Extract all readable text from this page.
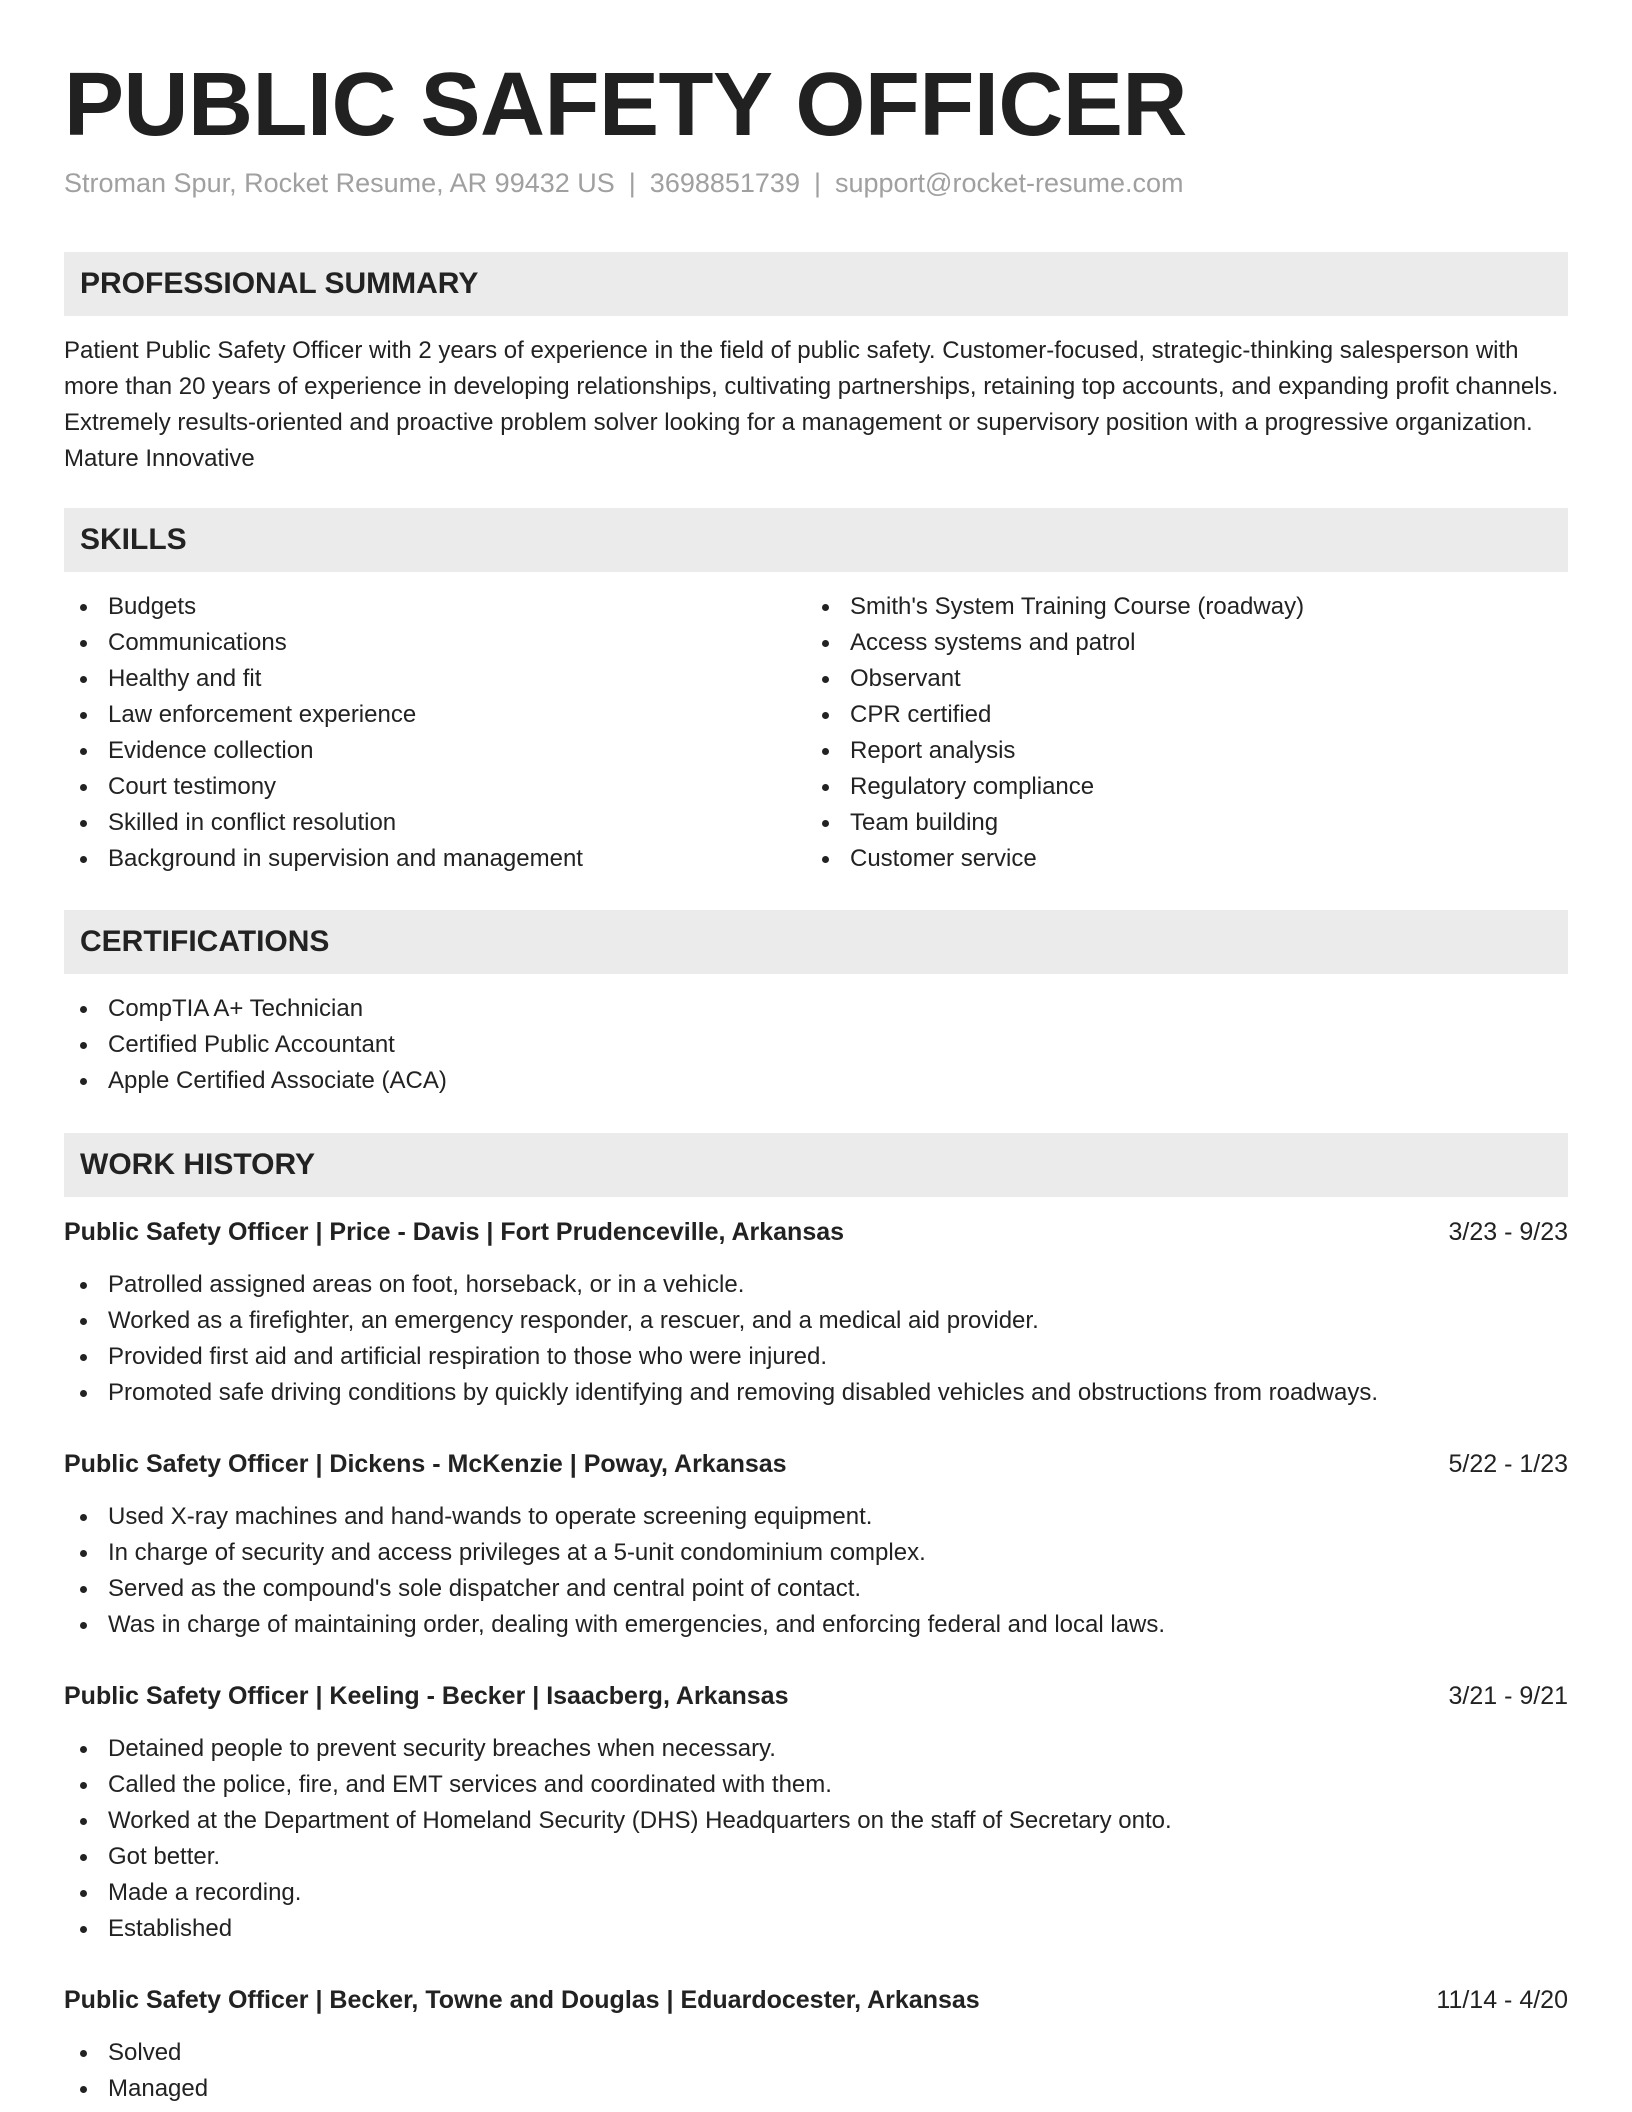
PUBLIC SAFETY OFFICER
Stroman Spur, Rocket Resume, AR 99432 US | 3698851739 | support@rocket-resume.com
PROFESSIONAL SUMMARY

Patient Public Safety Officer with 2 years of experience in the field of public safety. Customer-focused, strategic-thinking salesperson with more than 20 years of experience in developing relationships, cultivating partnerships, retaining top accounts, and expanding profit channels. Extremely results-oriented and proactive problem solver looking for a management or supervisory position with a progressive organization. Mature Innovative

SKILLS
Budgets
Communications
Healthy and fit
Law enforcement experience
Evidence collection
Court testimony
Skilled in conflict resolution
Background in supervision and management
Smith's System Training Course (roadway)
Access systems and patrol
Observant
CPR certified
Report analysis
Regulatory compliance
Team building
Customer service
CERTIFICATIONS
CompTIA A+ Technician
Certified Public Accountant
Apple Certified Associate (ACA)
WORK HISTORY
Public Safety Officer | Price - Davis | Fort Prudenceville, Arkansas	3/23 - 9/23
Patrolled assigned areas on foot, horseback, or in a vehicle.
Worked as a firefighter, an emergency responder, a rescuer, and a medical aid provider.
Provided first aid and artificial respiration to those who were injured.
Promoted safe driving conditions by quickly identifying and removing disabled vehicles and obstructions from roadways.
Public Safety Officer | Dickens - McKenzie | Poway, Arkansas	5/22 - 1/23
Used X-ray machines and hand-wands to operate screening equipment.
In charge of security and access privileges at a 5-unit condominium complex.
Served as the compound's sole dispatcher and central point of contact.
Was in charge of maintaining order, dealing with emergencies, and enforcing federal and local laws.
Public Safety Officer | Keeling - Becker | Isaacberg, Arkansas	3/21 - 9/21
Detained people to prevent security breaches when necessary.
Called the police, fire, and EMT services and coordinated with them.
Worked at the Department of Homeland Security (DHS) Headquarters on the staff of Secretary onto.
Got better.
Made a recording.
Established
Public Safety Officer | Becker, Towne and Douglas | Eduardocester, Arkansas	11/14 - 4/20
Solved
Managed
